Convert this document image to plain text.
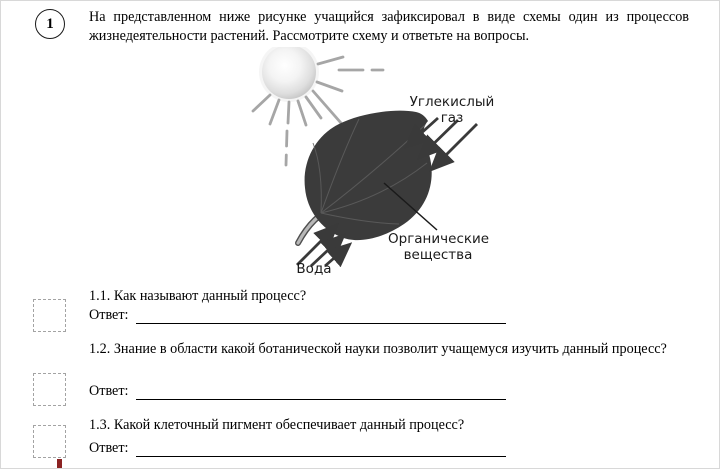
1 На представленном ниже рисунке учащийся зафиксировал в виде схемы один из процессов жизнедеятельности растений. Рассмотрите схему и ответьте на вопросы.
Углекислый газ
Органические вещества
Вода
1.1. Как называют данный процесс?
Ответ:
1.2. Знание в области какой ботанической науки позволит учащемуся изучить данный процесс?
Ответ:
1.3. Какой клеточный пигмент обеспечивает данный процесс?
Ответ:
